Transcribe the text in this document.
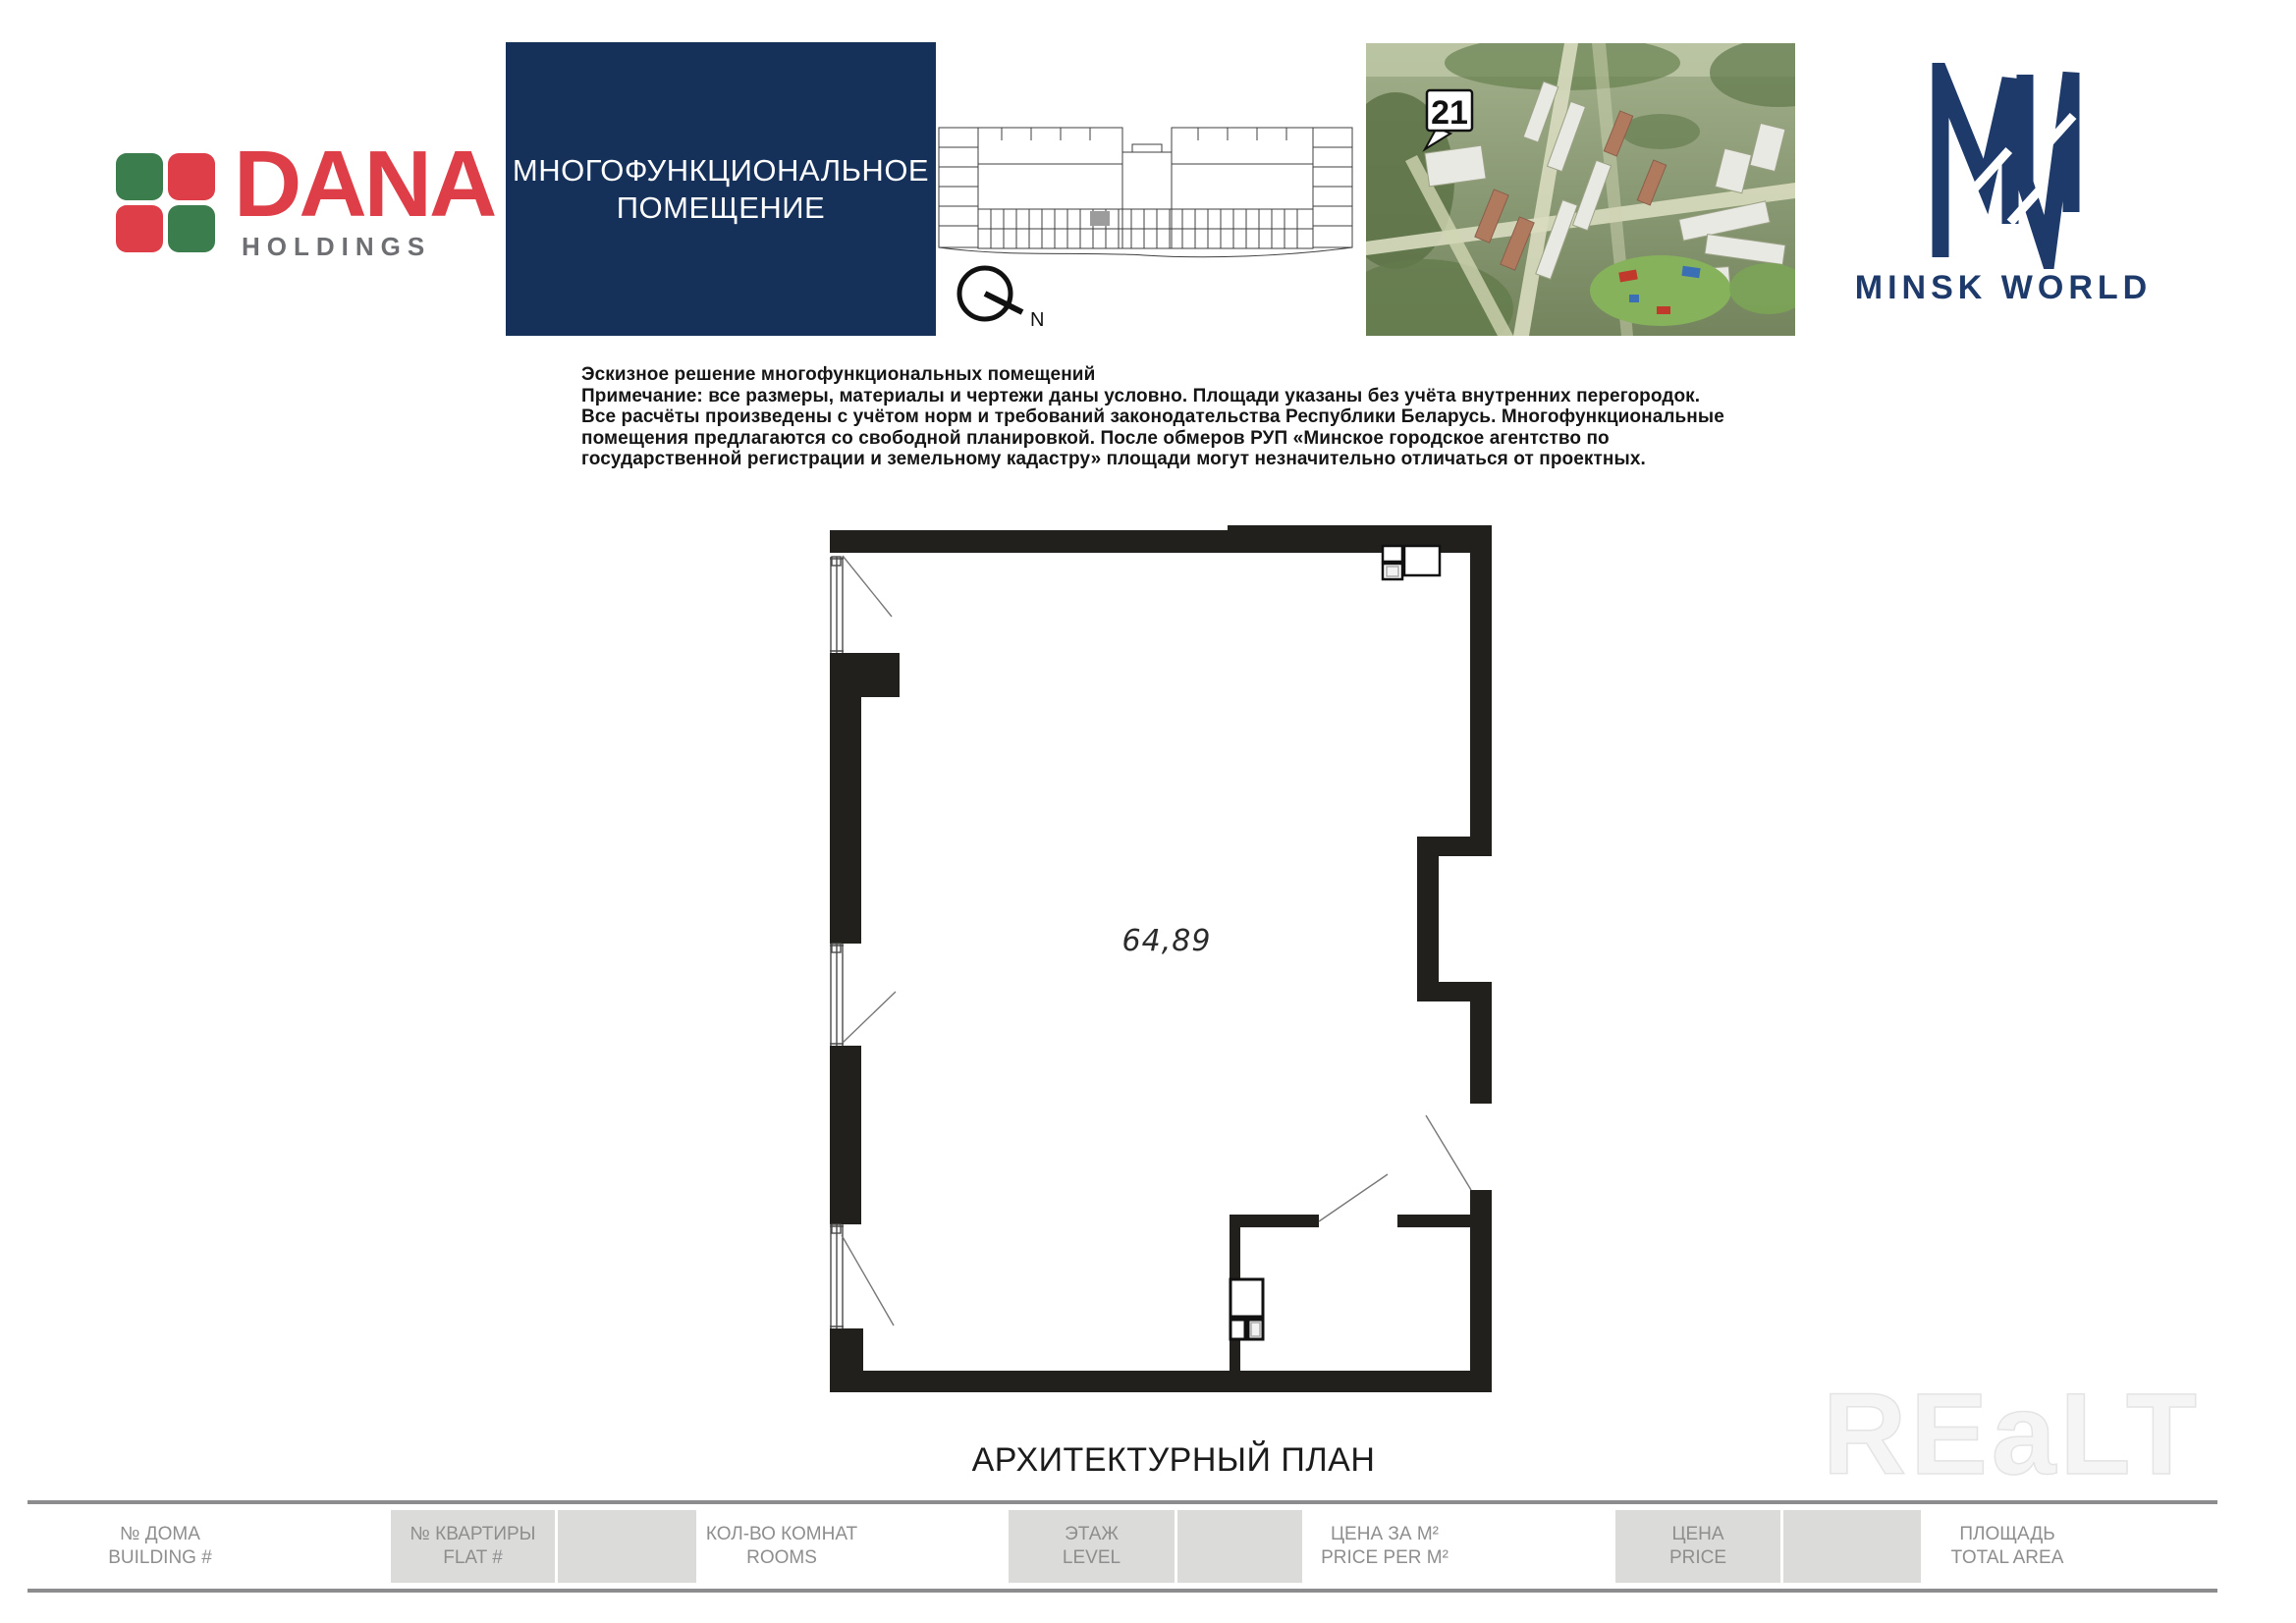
DANA
HOLDINGS
МНОГОФУНКЦИОНАЛЬНОЕ
ПОМЕЩЕНИЕ
N
21
MINSK WORLD
Эскизное решение многофункциональных помещений
Примечание: все размеры, материалы и чертежи даны условно. Площади указаны без учёта внутренних перегородок.
Все расчёты произведены с учётом норм и требований законодательства Республики Беларусь. Многофункциональные
помещения предлагаются со свободной планировкой. После обмеров РУП «Минское городское агентство по
государственной регистрации и земельному кадастру» площади могут незначительно отличаться от проектных.
64,89
АРХИТЕКТУРНЫЙ ПЛАН	REaLT
№ ДОМА
BUILDING #
№ КВАРТИРЫ
FLAT #
КОЛ-ВО КОМНАТ
ROOMS
ЭТАЖ
LEVEL
ЦЕНА ЗА М²
PRICE PER M²
ЦЕНА
PRICE
ПЛОЩАДЬ
TOTAL AREA
